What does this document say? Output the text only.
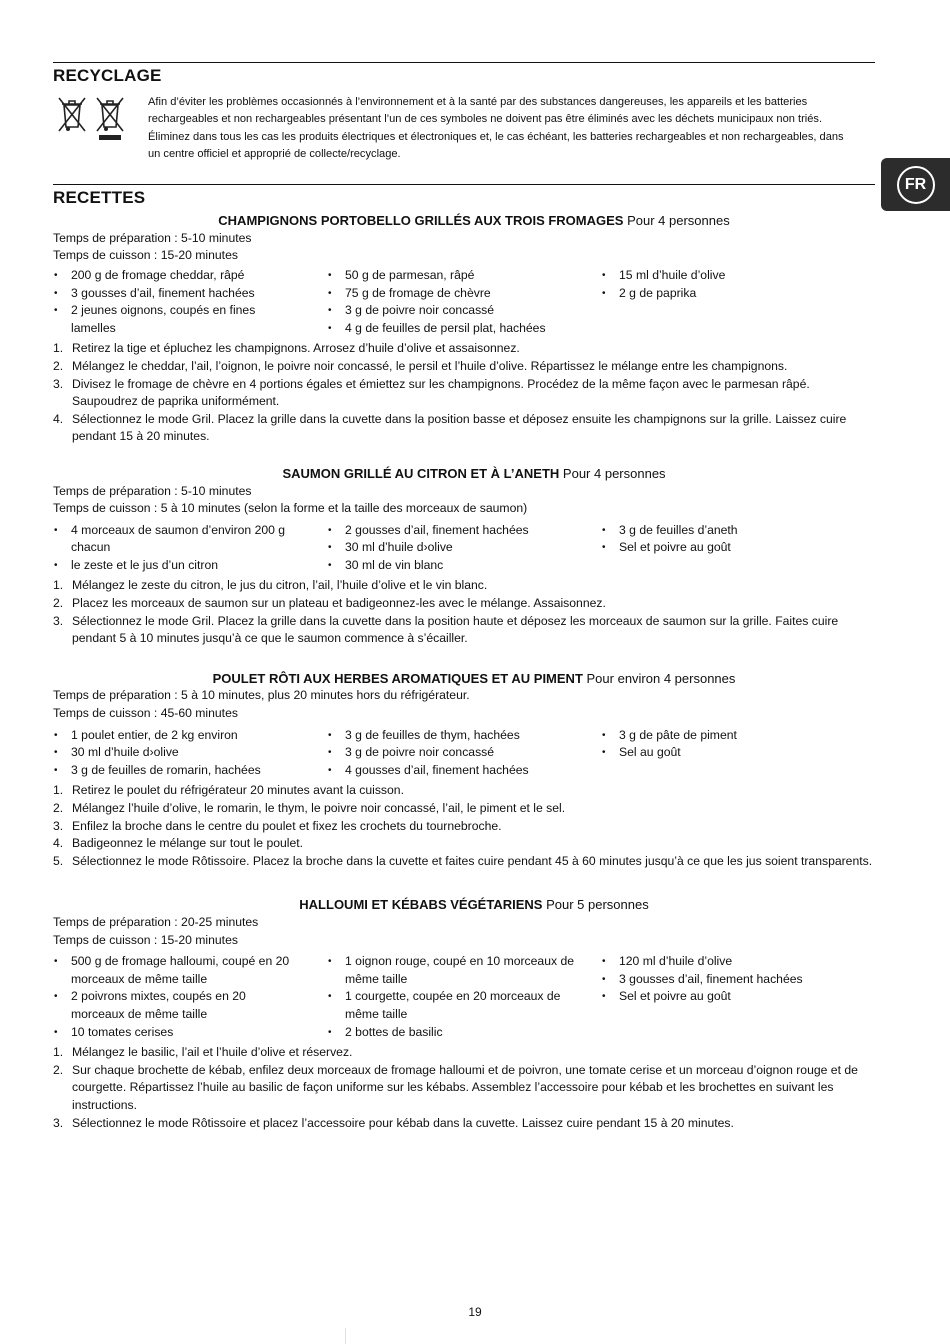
RECYCLAGE
Afin d’éviter les problèmes occasionnés à l’environnement et à la santé par des substances dangereuses, les appareils et les batteries rechargeables et non rechargeables présentant l’un de ces symboles ne doivent pas être éliminés avec les déchets municipaux non triés. Éliminez dans tous les cas les produits électriques et électroniques et, le cas échéant, les batteries rechargeables et non rechargeables, dans un centre officiel et approprié de collecte/recyclage.
RECETTES
CHAMPIGNONS PORTOBELLO GRILLÉS AUX TROIS FROMAGES Pour 4 personnes
Temps de préparation : 5-10 minutes
Temps de cuisson : 15-20 minutes
• 200 g de fromage cheddar, râpé
• 3 gousses d’ail, finement hachées
• 2 jeunes oignons, coupés en fines lamelles
• 50 g de parmesan, râpé
• 75 g de fromage de chèvre
• 3 g de poivre noir concassé
• 4 g de feuilles de persil plat, hachées
• 15 ml d’huile d’olive
• 2 g de paprika
1. Retirez la tige et épluchez les champignons. Arrosez d’huile d’olive et assaisonnez.
2. Mélangez le cheddar, l’ail, l’oignon, le poivre noir concassé, le persil et l’huile d’olive. Répartissez le mélange entre les champignons.
3. Divisez le fromage de chèvre en 4 portions égales et émiettez sur les champignons. Procédez de la même façon avec le parmesan râpé. Saupoudrez de paprika uniformément.
4. Sélectionnez le mode Gril. Placez la grille dans la cuvette dans la position basse et déposez ensuite les champignons sur la grille. Laissez cuire pendant 15 à 20 minutes.
SAUMON GRILLÉ AU CITRON ET À L’ANETH Pour 4 personnes
Temps de préparation : 5-10 minutes
Temps de cuisson : 5 à 10 minutes (selon la forme et la taille des morceaux de saumon)
• 4 morceaux de saumon d’environ 200 g chacun
• le zeste et le jus d’un citron
• 2 gousses d’ail, finement hachées
• 30 ml d’huile d›olive
• 30 ml de vin blanc
• 3 g de feuilles d’aneth
• Sel et poivre au goût
1. Mélangez le zeste du citron, le jus du citron, l’ail, l’huile d’olive et le vin blanc.
2. Placez les morceaux de saumon sur un plateau et badigeonnez-les avec le mélange. Assaisonnez.
3. Sélectionnez le mode Gril. Placez la grille dans la cuvette dans la position haute et déposez les morceaux de saumon sur la grille. Faites cuire pendant 5 à 10 minutes jusqu’à ce que le saumon commence à s’écailler.
POULET RÔTI AUX HERBES AROMATIQUES ET AU PIMENT Pour environ 4 personnes
Temps de préparation : 5 à 10 minutes, plus 20 minutes hors du réfrigérateur.
Temps de cuisson : 45-60 minutes
• 1 poulet entier, de 2 kg environ
• 30 ml d’huile d›olive
• 3 g de feuilles de romarin, hachées
• 3 g de feuilles de thym, hachées
• 3 g de poivre noir concassé
• 4 gousses d’ail, finement hachées
• 3 g de pâte de piment
• Sel au goût
1. Retirez le poulet du réfrigérateur 20 minutes avant la cuisson.
2. Mélangez l’huile d’olive, le romarin, le thym, le poivre noir concassé, l’ail, le piment et le sel.
3. Enfilez la broche dans le centre du poulet et fixez les crochets du tournebroche.
4. Badigeonnez le mélange sur tout le poulet.
5. Sélectionnez le mode Rôtissoire. Placez la broche dans la cuvette et faites cuire pendant 45 à 60 minutes jusqu’à ce que les jus soient transparents.
HALLOUMI ET KÉBABS VÉGÉTARIENS Pour 5 personnes
Temps de préparation : 20-25 minutes
Temps de cuisson : 15-20 minutes
• 500 g de fromage halloumi, coupé en 20 morceaux de même taille
• 2 poivrons mixtes, coupés en 20 morceaux de même taille
• 10 tomates cerises
• 1 oignon rouge, coupé en 10 morceaux de même taille
• 1 courgette, coupée en 20 morceaux de même taille
• 2 bottes de basilic
• 120 ml d’huile d’olive
• 3 gousses d’ail, finement hachées
• Sel et poivre au goût
1. Mélangez le basilic, l’ail et l’huile d’olive et réservez.
2. Sur chaque brochette de kébab, enfilez deux morceaux de fromage halloumi et de poivron, une tomate cerise et un morceau d’oignon rouge et de courgette. Répartissez l’huile au basilic de façon uniforme sur les kébabs. Assemblez l’accessoire pour kébab et les brochettes en suivant les instructions.
3. Sélectionnez le mode Rôtissoire et placez l’accessoire pour kébab dans la cuvette. Laissez cuire pendant 15 à 20 minutes.
FR
19
